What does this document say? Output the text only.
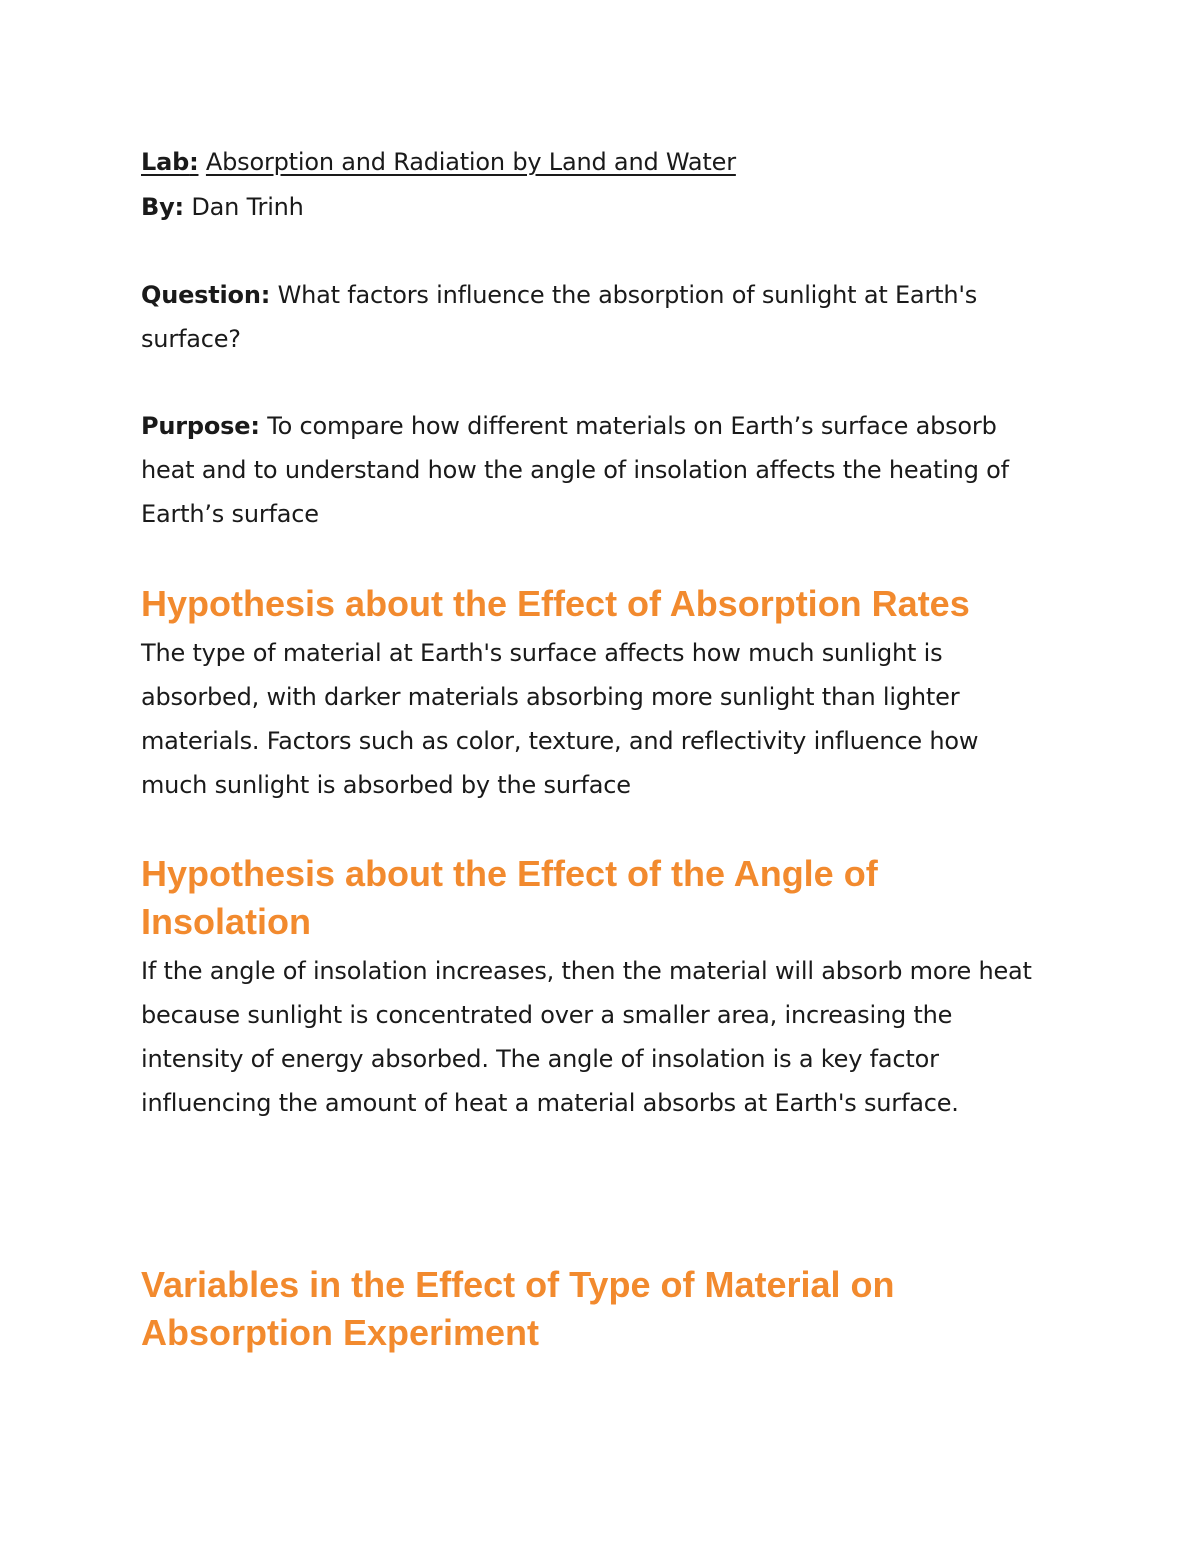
Lab: Absorption and Radiation by Land and Water

By: Dan Trinh

Question: What factors influence the absorption of sunlight at Earth's surface?

Purpose: To compare how different materials on Earth’s surface absorb heat and to understand how the angle of insolation affects the heating of Earth’s surface

Hypothesis about the Effect of Absorption Rates

The type of material at Earth's surface affects how much sunlight is absorbed, with darker materials absorbing more sunlight than lighter materials. Factors such as color, texture, and reflectivity influence how much sunlight is absorbed by the surface

Hypothesis about the Effect of the Angle of Insolation

If the angle of insolation increases, then the material will absorb more heat because sunlight is concentrated over a smaller area, increasing the intensity of energy absorbed. The angle of insolation is a key factor influencing the amount of heat a material absorbs at Earth's surface.

Variables in the Effect of Type of Material on Absorption Experiment
